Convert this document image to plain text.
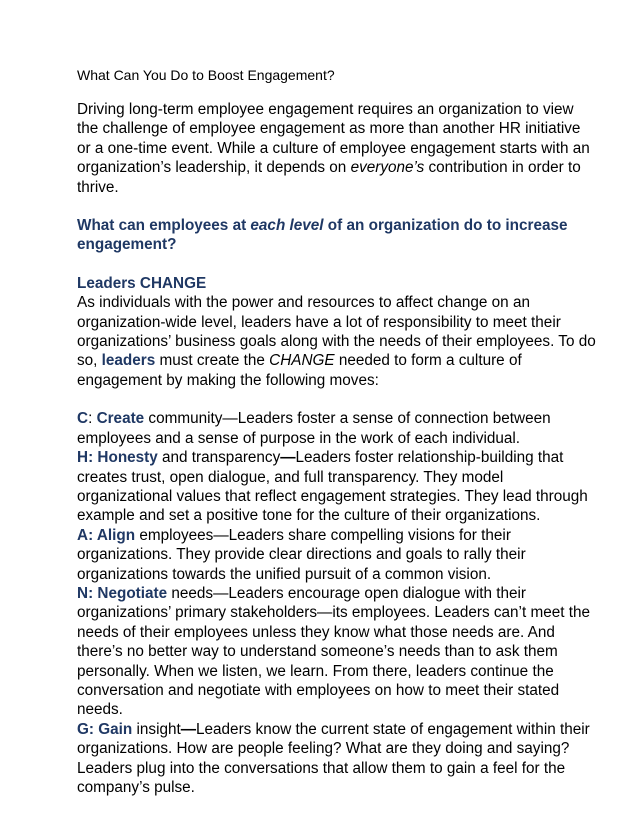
What Can You Do to Boost Engagement?

Driving long-term employee engagement requires an organization to view the challenge of employee engagement as more than another HR initiative or a one-time event. While a culture of employee engagement starts with an organization’s leadership, it depends on everyone’s contribution in order to thrive.

What can employees at each level of an organization do to increase engagement?

Leaders CHANGE

As individuals with the power and resources to affect change on an organization-wide level, leaders have a lot of responsibility to meet their organizations’ business goals along with the needs of their employees. To do so, leaders must create the CHANGE needed to form a culture of engagement by making the following moves:

C: Create community—Leaders foster a sense of connection between employees and a sense of purpose in the work of each individual.

H: Honesty and transparency—Leaders foster relationship-building that creates trust, open dialogue, and full transparency. They model organizational values that reflect engagement strategies. They lead through example and set a positive tone for the culture of their organizations.

A: Align employees—Leaders share compelling visions for their organizations. They provide clear directions and goals to rally their organizations towards the unified pursuit of a common vision.

N: Negotiate needs—Leaders encourage open dialogue with their organizations’ primary stakeholders—its employees. Leaders can’t meet the needs of their employees unless they know what those needs are. And there’s no better way to understand someone’s needs than to ask them personally. When we listen, we learn. From there, leaders continue the conversation and negotiate with employees on how to meet their stated needs.

G: Gain insight—Leaders know the current state of engagement within their organizations. How are people feeling? What are they doing and saying? Leaders plug into the conversations that allow them to gain a feel for the company’s pulse.
